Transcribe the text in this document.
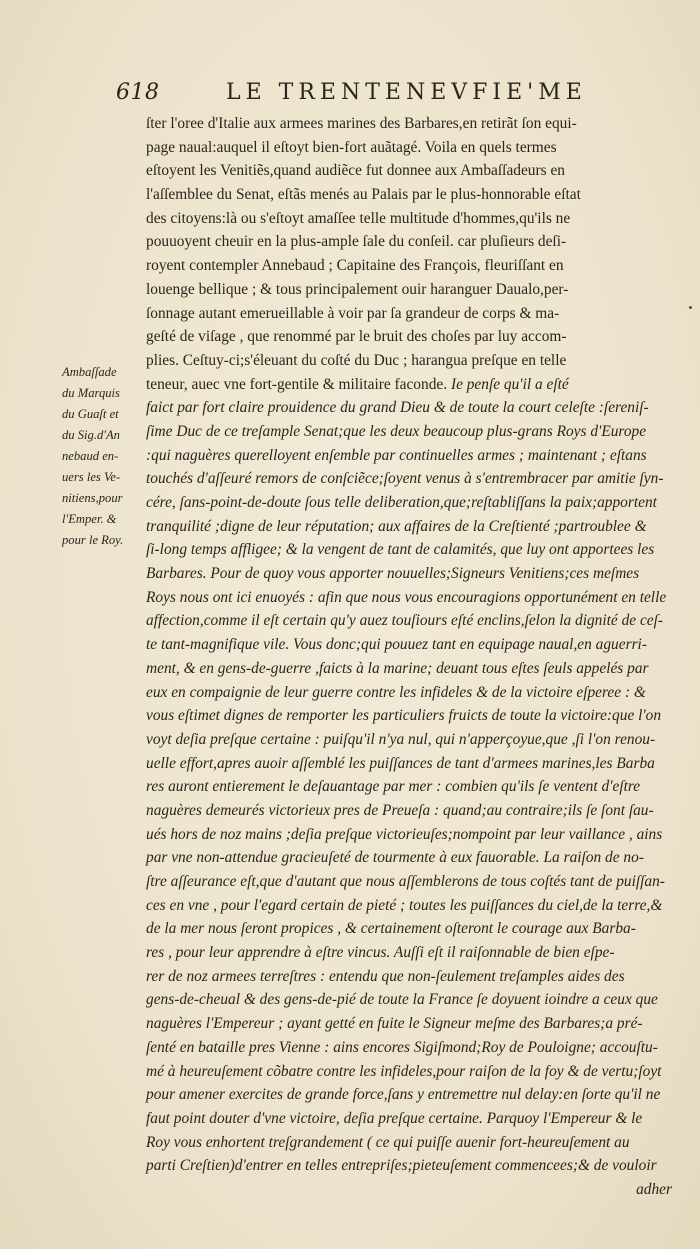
618	LE TRENTENEVFIE'ME
Ambaſſade
du Marquis
du Guaſt et
du Sig.d'An
nebaud en-
uers les Ve-
nitiens,pour
l'Emper. &
pour le Roy.
ſter l'oree d'Italie aux armees marines des Barbares,en retirãt ſon equi-
page naual:auquel il eſtoyt bien-fort auãtagé. Voila en quels termes
eſtoyent les Venitiẽs,quand audiẽce fut donnee aux Ambaſſadeurs en
l'aſſemblee du Senat, eſtãs menés au Palais par le plus-honnorable eſtat
des citoyens:là ou s'eſtoyt amaſſee telle multitude d'hommes,qu'ils ne
pouuoyent cheuir en la plus-ample ſale du conſeil. car pluſieurs deſi-
royent contempler Annebaud ; Capitaine des François, fleuriſſant en
louenge bellique ; & tous principalement ouir haranguer Daualo,per-
ſonnage autant emerueillable à voir par ſa grandeur de corps & ma-
geſté de viſage , que renommé par le bruit des choſes par luy accom-
plies. Ceſtuy-ci;s'éleuant du coſté du Duc ; harangua preſque en telle
teneur, auec vne fort-gentile & militaire faconde. Ie penſe qu'il a eſté
faict par fort claire prouidence du grand Dieu & de toute la court celeſte :ſereniſ-
ſime Duc de ce treſample Senat;que les deux beaucoup plus-grans Roys d'Europe
:qui naguères querelloyent enſemble par continuelles armes ; maintenant ; eſtans
touchés d'aſſeuré remors de conſciẽce;ſoyent venus à s'entrembracer par amitie ſyn-
cére, ſans-point-de-doute ſous telle deliberation,que;reſtabliſſans la paix;apportent
tranquilité ;digne de leur réputation; aux affaires de la Creſtienté ;partroublee &
ſi-long temps affligee; & la vengent de tant de calamités, que luy ont apportees les
Barbares. Pour de quoy vous apporter nouuelles;Signeurs Venitiens;ces meſmes
Roys nous ont ici enuoyés : afin que nous vous encouragions opportunément en telle
affection,comme il eſt certain qu'y auez touſiours eſté enclins,ſelon la dignité de ceſ-
te tant-magnifique vile. Vous donc;qui pouuez tant en equipage naual,en aguerri-
ment, & en gens-de-guerre ,faicts à la marine; deuant tous eſtes ſeuls appelés par
eux en compaignie de leur guerre contre les infideles & de la victoire eſperee : &
vous eſtimet dignes de remporter les particuliers fruicts de toute la victoire:que l'on
voyt deſia preſque certaine : puiſqu'il n'ya nul, qui n'apperçoyue,que ,ſi l'on renou-
uelle effort,apres auoir aſſemblé les puiſſances de tant d'armees marines,les Barba
res auront entierement le deſauantage par mer : combien qu'ils ſe ventent d'eſtre
naguères demeurés victorieux pres de Preueſa : quand;au contraire;ils ſe ſont ſau-
ués hors de noz mains ;deſia preſque victorieuſes;nompoint par leur vaillance , ains
par vne non-attendue gracieuſeté de tourmente à eux fauorable. La raiſon de no-
ſtre aſſeurance eſt,que d'autant que nous aſſemblerons de tous coſtés tant de puiſſan-
ces en vne , pour l'egard certain de pieté ; toutes les puiſſances du ciel,de la terre,&
de la mer nous ſeront propices , & certainement oſteront le courage aux Barba-
res , pour leur apprendre à eſtre vincus. Auſſi eſt il raiſonnable de bien eſpe-
rer de noz armees terreſtres : entendu que non-ſeulement treſamples aides des
gens-de-cheual & des gens-de-pié de toute la France ſe doyuent ioindre a ceux que
naguères l'Empereur ; ayant getté en fuite le Signeur meſme des Barbares;a pré-
ſenté en bataille pres Vienne : ains encores Sigiſmond;Roy de Pouloigne; accouſtu-
mé à heureuſement cõbatre contre les infideles,pour raiſon de la foy & de vertu;ſoyt
pour amener exercites de grande force,ſans y entremettre nul delay:en ſorte qu'il ne
faut point douter d'vne victoire, deſia preſque certaine. Parquoy l'Empereur & le
Roy vous enhortent treſgrandement ( ce qui puiſſe auenir fort-heureuſement au
parti Creſtien)d'entrer en telles entrepriſes;pieteuſement commencees;& de vouloir
adher
